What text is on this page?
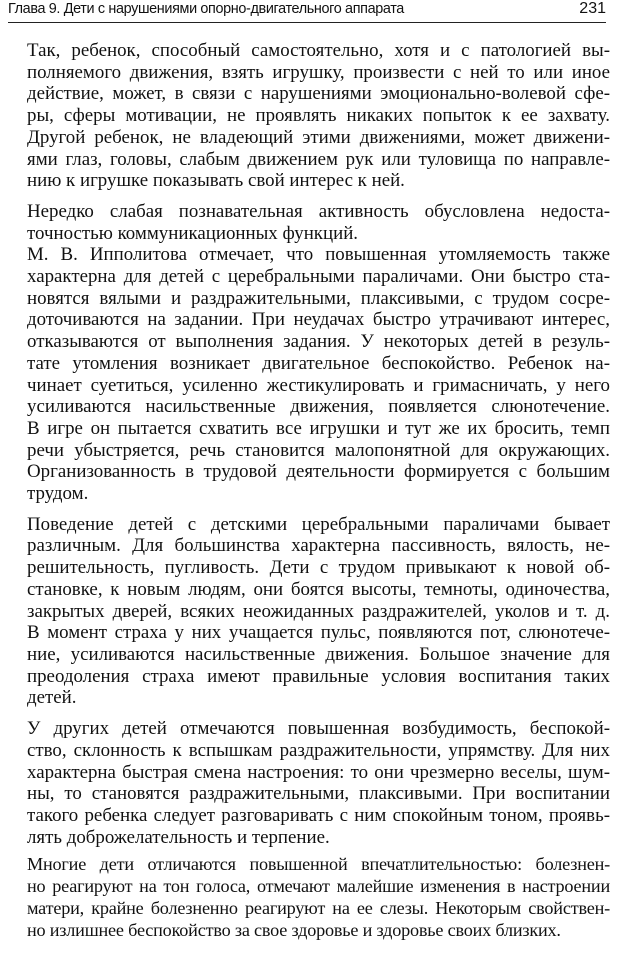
Глава 9. Дети с нарушениями опорно-двигательного аппарата	231

Так, ребенок, способный самостоятельно, хотя и с патологией вы-
полняемого движения, взять игрушку, произвести с ней то или иное
действие, может, в связи с нарушениями эмоционально-волевой сфе-
ры, сферы мотивации, не проявлять никаких попыток к ее захвату.
Другой ребенок, не владеющий этими движениями, может движени-
ями глаз, головы, слабым движением рук или туловища по направле-
нию к игрушке показывать свой интерес к ней.

Нередко слабая познавательная активность обусловлена недоста-
точностью коммуникационных функций.

М. В. Ипполитова отмечает, что повышенная утомляемость также
характерна для детей с церебральными параличами. Они быстро ста-
новятся вялыми и раздражительными, плаксивыми, с трудом сосре-
доточиваются на задании. При неудачах быстро утрачивают интерес,
отказываются от выполнения задания. У некоторых детей в резуль-
тате утомления возникает двигательное беспокойство. Ребенок на-
чинает суетиться, усиленно жестикулировать и гримасничать, у него
усиливаются насильственные движения, появляется слюнотечение.
В игре он пытается схватить все игрушки и тут же их бросить, темп
речи убыстряется, речь становится малопонятной для окружающих.
Организованность в трудовой деятельности формируется с большим
трудом.

Поведение детей с детскими церебральными параличами бывает
различным. Для большинства характерна пассивность, вялость, не-
решительность, пугливость. Дети с трудом привыкают к новой об-
становке, к новым людям, они боятся высоты, темноты, одиночества,
закрытых дверей, всяких неожиданных раздражителей, уколов и т. д.
В момент страха у них учащается пульс, появляются пот, слюнотече-
ние, усиливаются насильственные движения. Большое значение для
преодоления страха имеют правильные условия воспитания таких
детей.

У других детей отмечаются повышенная возбудимость, беспокой-
ство, склонность к вспышкам раздражительности, упрямству. Для них
характерна быстрая смена настроения: то они чрезмерно веселы, шум-
ны, то становятся раздражительными, плаксивыми. При воспитании
такого ребенка следует разговаривать с ним спокойным тоном, проявь-
лять доброжелательность и терпение.

Многие дети отличаются повышенной впечатлительностью: болезнен-
но реагируют на тон голоса, отмечают малейшие изменения в настроении
матери, крайне болезненно реагируют на ее слезы. Некоторым свойствен-
но излишнее беспокойство за свое здоровье и здоровье своих близких.
